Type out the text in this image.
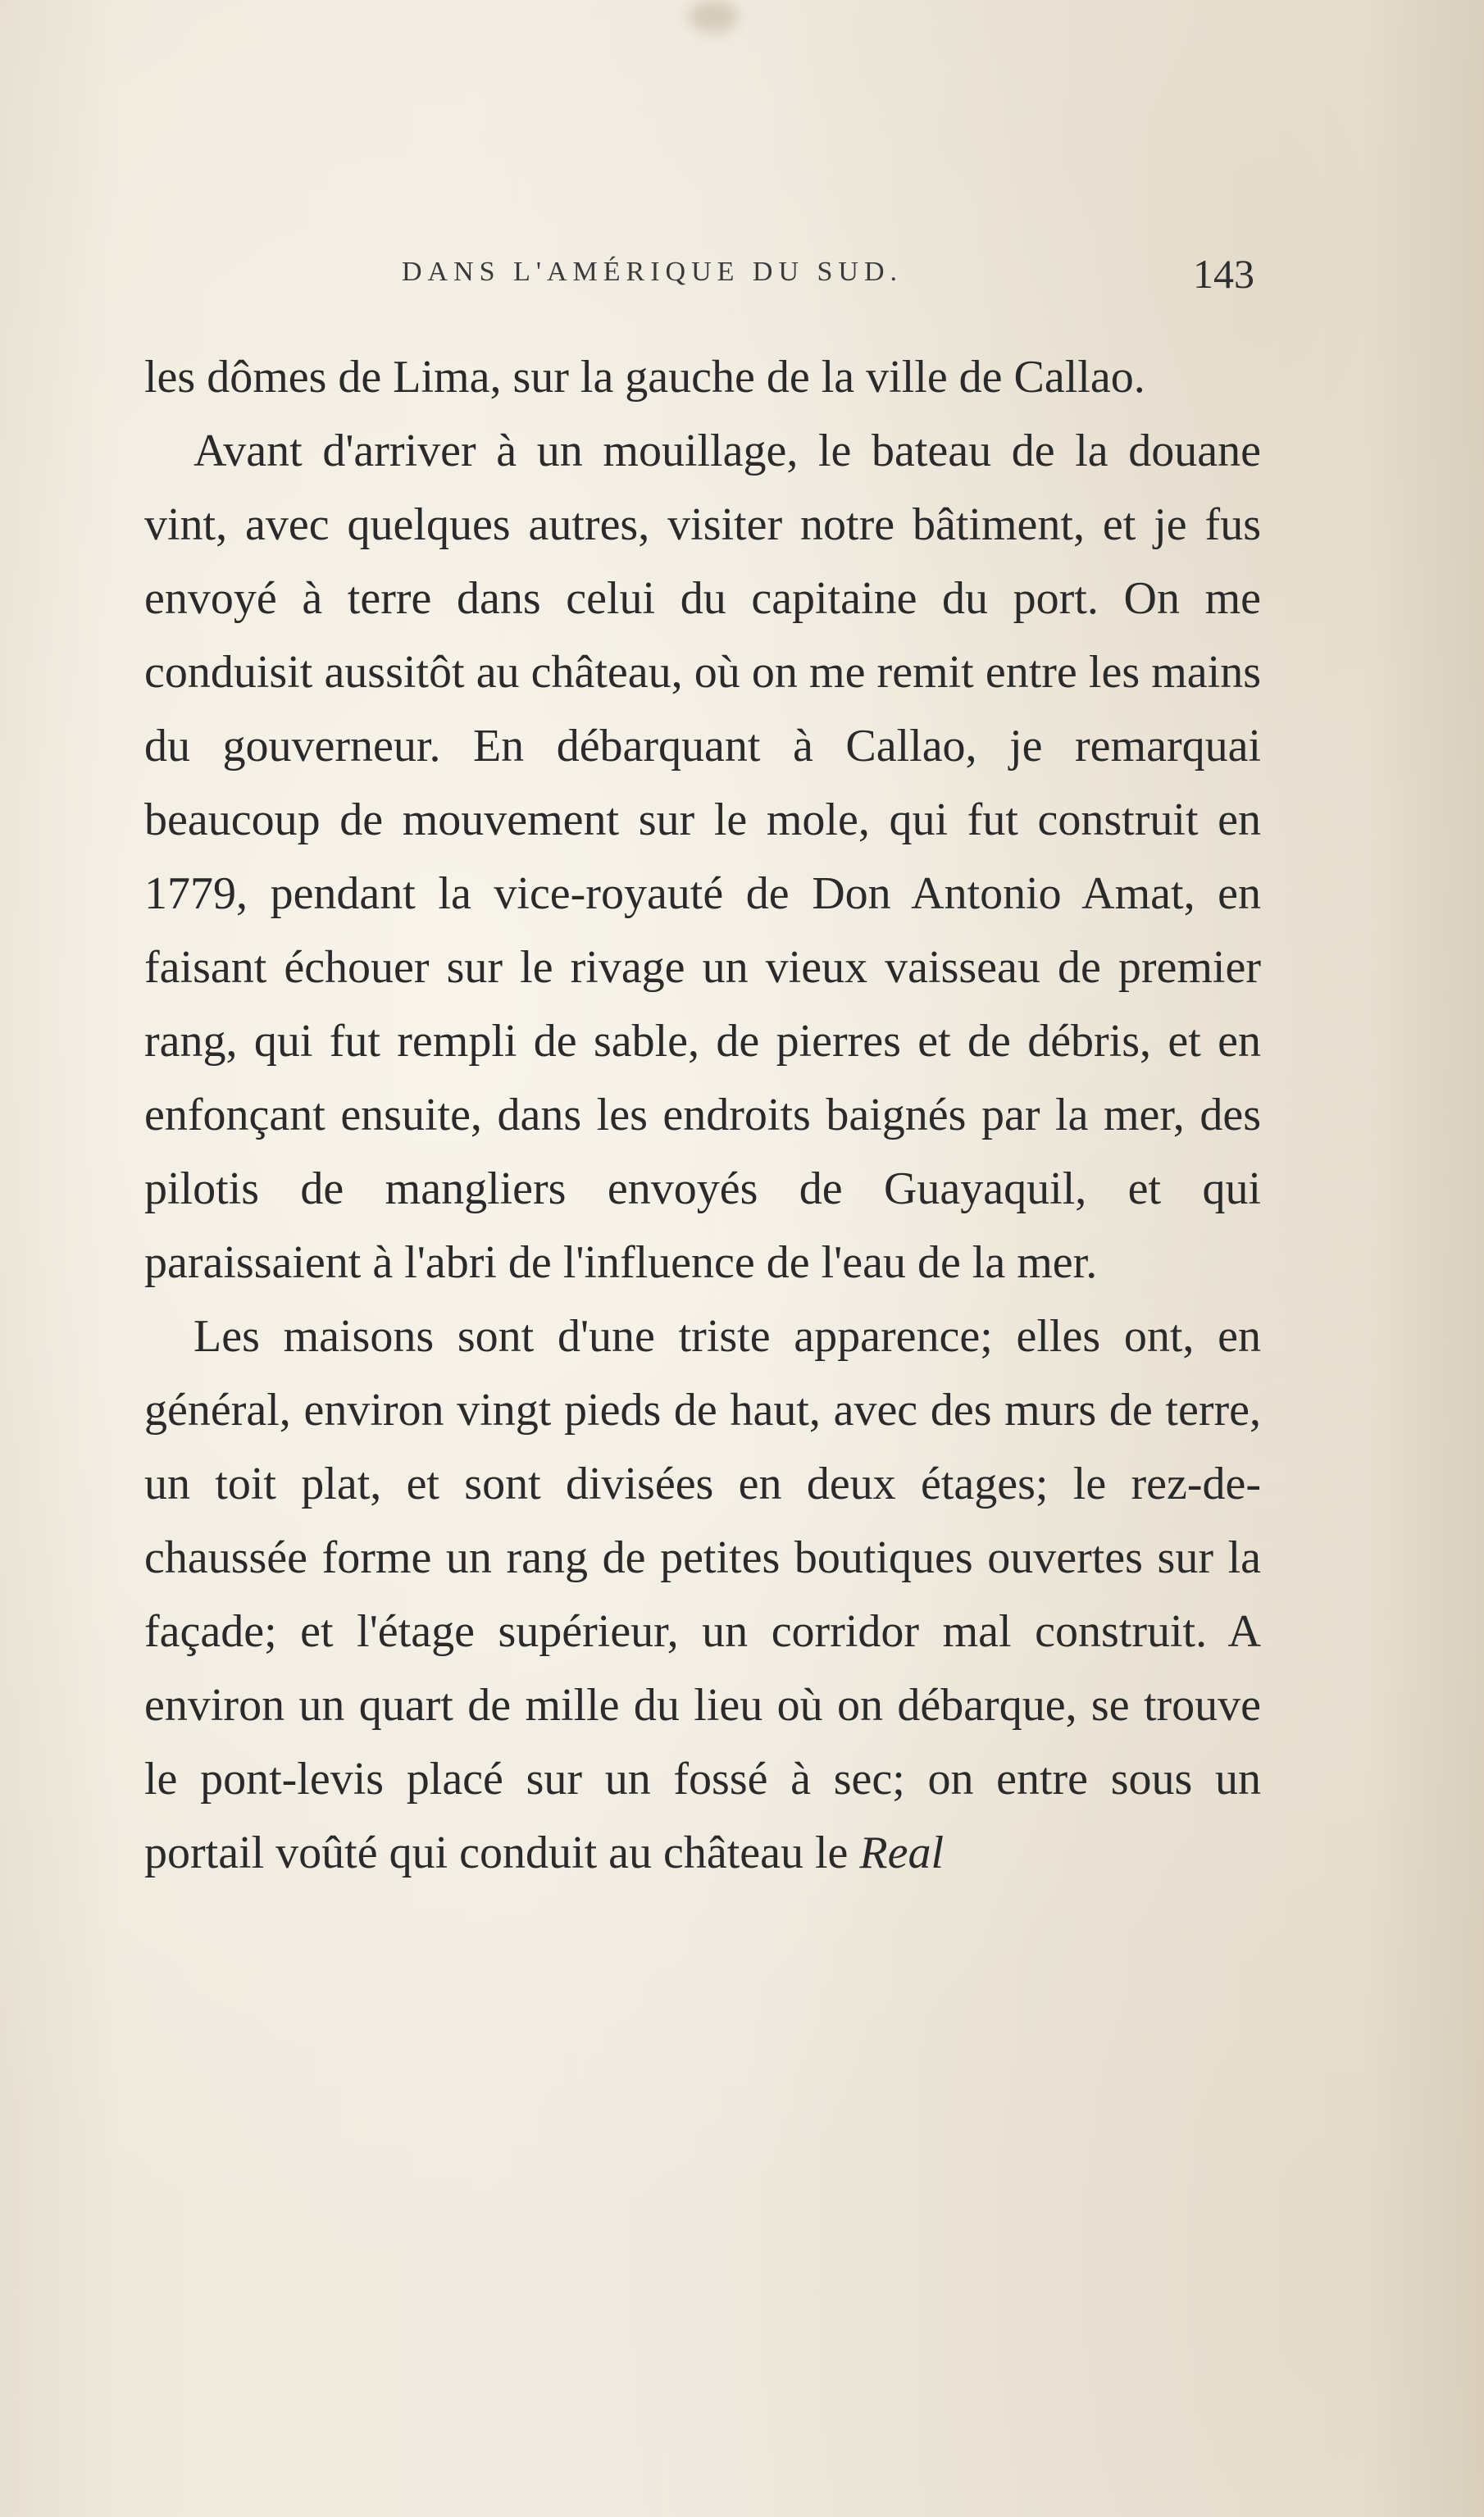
DANS L'AMÉRIQUE DU SUD.	143

les dômes de Lima, sur la gauche de la ville de Callao.

Avant d'arriver à un mouillage, le bateau de la douane vint, avec quelques autres, visiter notre bâtiment, et je fus envoyé à terre dans celui du capitaine du port. On me conduisit aussitôt au château, où on me remit entre les mains du gouverneur. En débarquant à Callao, je remarquai beaucoup de mouvement sur le mole, qui fut construit en 1779, pendant la vice-royauté de Don Antonio Amat, en faisant échouer sur le rivage un vieux vaisseau de premier rang, qui fut rempli de sable, de pierres et de débris, et en enfonçant ensuite, dans les endroits baignés par la mer, des pilotis de mangliers envoyés de Guayaquil, et qui paraissaient à l'abri de l'influence de l'eau de la mer.

Les maisons sont d'une triste apparence; elles ont, en général, environ vingt pieds de haut, avec des murs de terre, un toit plat, et sont divisées en deux étages; le rez-de-chaussée forme un rang de petites boutiques ouvertes sur la façade; et l'étage supérieur, un corridor mal construit. A environ un quart de mille du lieu où on débarque, se trouve le pont-levis placé sur un fossé à sec; on entre sous un portail voûté qui conduit au château le Real
